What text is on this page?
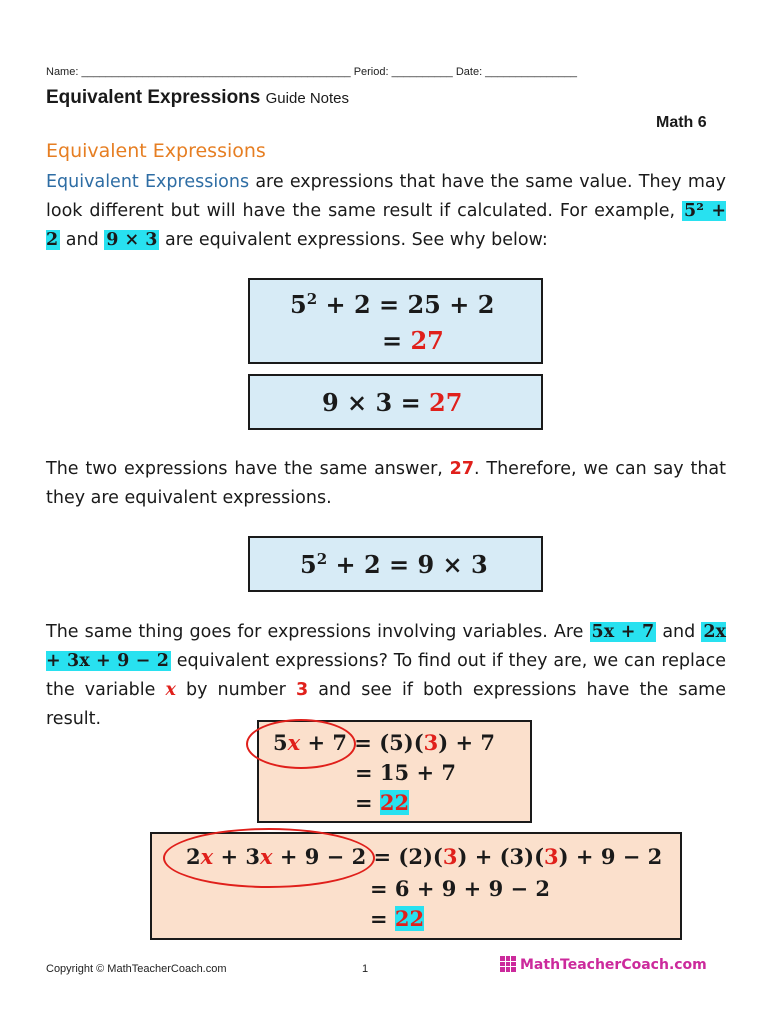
Name: ____________________________________________ Period: __________ Date: _______________
Equivalent Expressions Guide Notes
Math 6
Equivalent Expressions
Equivalent Expressions are expressions that have the same value. They may look different but will have the same result if calculated. For example, 5² + 2 and 9 × 3 are equivalent expressions. See why below:
$5^2 + 2 = 25 + 2$
= 27
9 × 3 = 27
The two expressions have the same answer, 27. Therefore, we can say that they are equivalent expressions.
$5^2 + 2 = 9 \times 3$
The same thing goes for expressions involving variables. Are 5x + 7 and 2x + 3x + 9 − 2 equivalent expressions? To find out if they are, we can replace the variable x by number 3 and see if both expressions have the same result.
5x + 7 = (5)(3) + 7
= 15 + 7
= 22
2x + 3x + 9 − 2 = (2)(3) + (3)(3) + 9 − 2
= 6 + 9 + 9 − 2
= 22
Copyright © MathTeacherCoach.com	1	MathTeacherCoach.com
